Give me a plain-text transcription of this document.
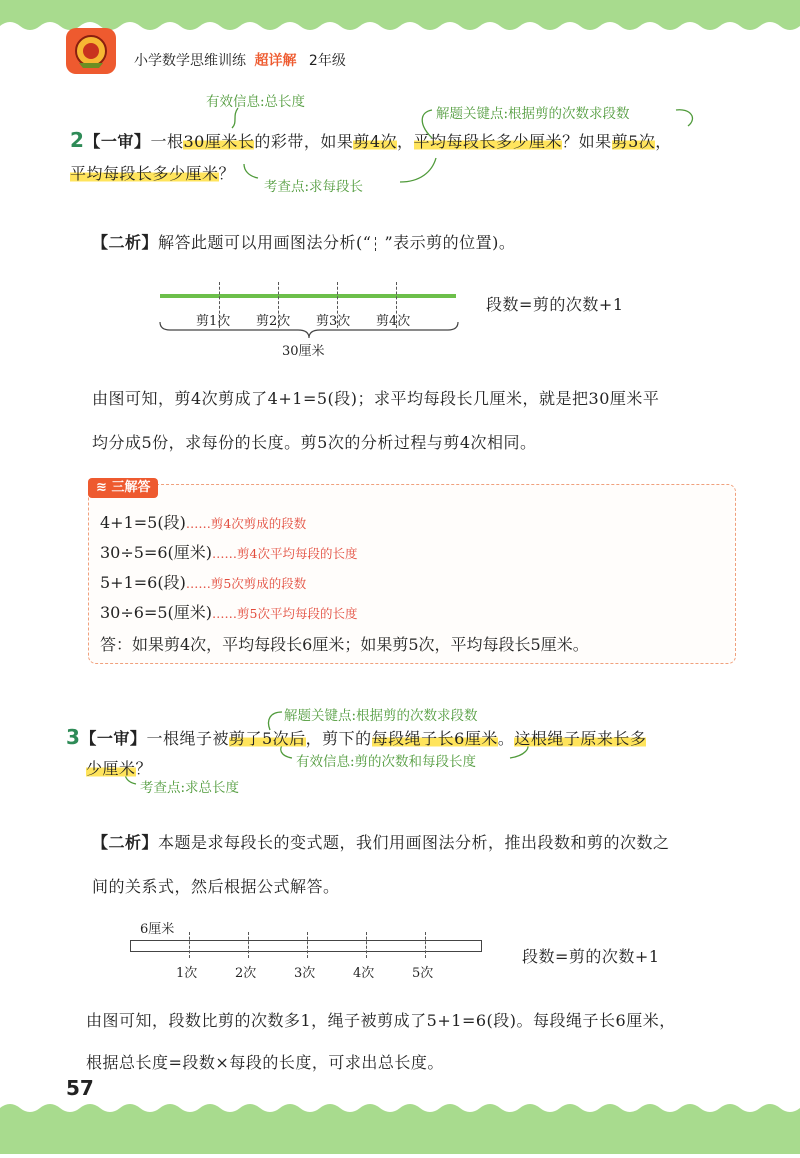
小学数学思维训练 超详解 2年级
有效信息:总长度
解题关键点:根据剪的次数求段数
考查点:求每段长
2【一审】一根30厘米长的彩带，如果剪4次，平均每段长多少厘米？如果剪5次，
平均每段长多少厘米？
【二析】解答此题可以用画图法分析(“ ”表示剪的位置)。
剪1次 剪2次 剪3次 剪4次
30厘米
段数=剪的次数+1
由图可知，剪4次剪成了4+1=5(段)；求平均每段长几厘米，就是把30厘米平
均分成5份，求每份的长度。剪5次的分析过程与剪4次相同。
≋ 三解答
4+1=5(段)……剪4次剪成的段数
30÷5=6(厘米)……剪4次平均每段的长度
5+1=6(段)……剪5次剪成的段数
30÷6=5(厘米)……剪5次平均每段的长度
答：如果剪4次，平均每段长6厘米；如果剪5次，平均每段长5厘米。
解题关键点:根据剪的次数求段数
有效信息:剪的次数和每段长度
考查点:求总长度
3【一审】一根绳子被剪了5次后，剪下的每段绳子长6厘米。这根绳子原来长多
少厘米？
【二析】本题是求每段长的变式题，我们用画图法分析，推出段数和剪的次数之
间的关系式，然后根据公式解答。
6厘米
1次	2次	3次	4次	5次
段数=剪的次数+1
由图可知，段数比剪的次数多1，绳子被剪成了5+1=6(段)。每段绳子长6厘米，
根据总长度=段数×每段的长度，可求出总长度。
57
